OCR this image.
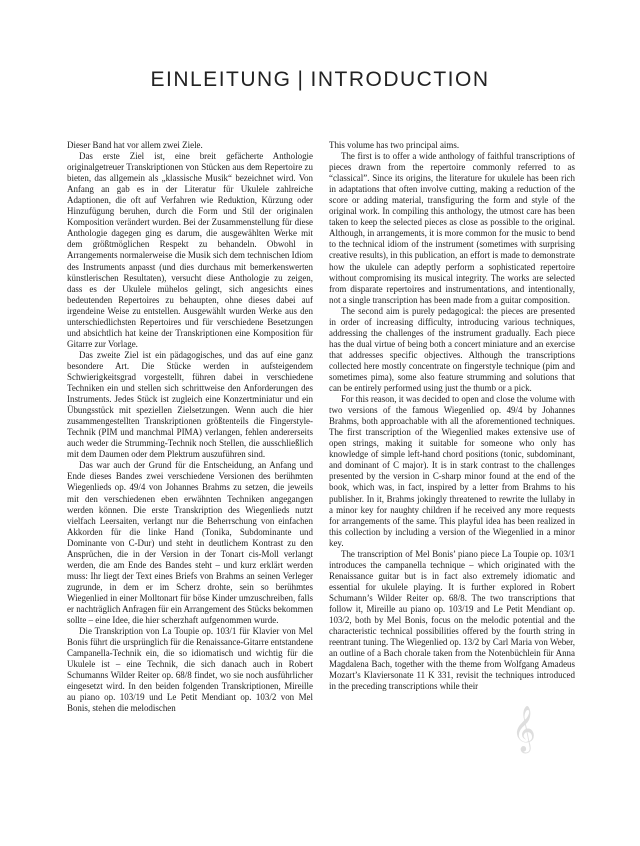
EINLEITUNG | INTRODUCTION

Dieser Band hat vor allem zwei Ziele.

Das erste Ziel ist, eine breit gefächerte Anthologie originalgetreuer Transkriptionen von Stücken aus dem Repertoire zu bieten, das allgemein als „klassische Musik“ bezeichnet wird. Von Anfang an gab es in der Literatur für Ukulele zahlreiche Adaptionen, die oft auf Verfahren wie Reduktion, Kürzung oder Hinzufügung beruhen, durch die Form und Stil der originalen Komposition verändert wurden. Bei der Zusammenstellung für diese Anthologie dagegen ging es darum, die ausgewählten Werke mit dem größtmöglichen Respekt zu behandeln. Obwohl in Arrangements normalerweise die Musik sich dem technischen Idiom des Instruments anpasst (und dies durchaus mit bemerkenswerten künstlerischen Resultaten), versucht diese Anthologie zu zeigen, dass es der Ukulele mühelos gelingt, sich angesichts eines bedeutenden Repertoires zu behaupten, ohne dieses dabei auf irgendeine Weise zu entstellen. Ausgewählt wurden Werke aus den unterschiedlichsten Repertoires und für verschiedene Besetzungen und absichtlich hat keine der Transkriptionen eine Komposition für Gitarre zur Vorlage.

Das zweite Ziel ist ein pädagogisches, und das auf eine ganz besondere Art. Die Stücke werden in aufsteigendem Schwierigkeitsgrad vorgestellt, führen dabei in verschiedene Techniken ein und stellen sich schrittweise den Anforderungen des Instruments. Jedes Stück ist zugleich eine Konzertminiatur und ein Übungsstück mit speziellen Zielsetzungen. Wenn auch die hier zusammengestellten Transkriptionen größtenteils die Fingerstyle-Technik (PIM und manchmal PIMA) verlangen, fehlen andererseits auch weder die Strumming-Technik noch Stellen, die ausschließlich mit dem Daumen oder dem Plektrum auszuführen sind.

Das war auch der Grund für die Entscheidung, an Anfang und Ende dieses Bandes zwei verschiedene Versionen des berühmten Wiegenlieds op. 49/4 von Johannes Brahms zu setzen, die jeweils mit den verschiedenen eben erwähnten Techniken angegangen werden können. Die erste Transkription des Wiegenlieds nutzt vielfach Leersaiten, verlangt nur die Beherrschung von einfachen Akkorden für die linke Hand (Tonika, Subdominante und Dominante von C-Dur) und steht in deutlichem Kontrast zu den Ansprüchen, die in der Version in der Tonart cis-Moll verlangt werden, die am Ende des Bandes steht – und kurz erklärt werden muss: Ihr liegt der Text eines Briefs von Brahms an seinen Verleger zugrunde, in dem er im Scherz drohte, sein so berühmtes Wiegenlied in einer Molltonart für böse Kinder umzuschreiben, falls er nachträglich Anfragen für ein Arrangement des Stücks bekommen sollte – eine Idee, die hier scherzhaft aufgenommen wurde.

Die Transkription von La Toupie op. 103/1 für Klavier von Mel Bonis führt die ursprünglich für die Renaissance-Gitarre entstandene Campanella-Technik ein, die so idiomatisch und wichtig für die Ukulele ist – eine Technik, die sich danach auch in Robert Schumanns Wilder Reiter op. 68/8 findet, wo sie noch ausführlicher eingesetzt wird. In den beiden folgenden Transkriptionen, Mireille au piano op. 103/19 und Le Petit Mendiant op. 103/2 von Mel Bonis, stehen die melodischen

This volume has two principal aims.

The first is to offer a wide anthology of faithful transcriptions of pieces drawn from the repertoire commonly referred to as “classical”. Since its origins, the literature for ukulele has been rich in adaptations that often involve cutting, making a reduction of the score or adding material, transfiguring the form and style of the original work. In compiling this anthology, the utmost care has been taken to keep the selected pieces as close as possible to the original. Although, in arrangements, it is more common for the music to bend to the technical idiom of the instrument (sometimes with surprising creative results), in this publication, an effort is made to demonstrate how the ukulele can adeptly perform a sophisticated repertoire without compromising its musical integrity. The works are selected from disparate repertoires and instrumentations, and intentionally, not a single transcription has been made from a guitar composition.

The second aim is purely pedagogical: the pieces are presented in order of increasing difficulty, introducing various techniques, addressing the challenges of the instrument gradually. Each piece has the dual virtue of being both a concert miniature and an exercise that addresses specific objectives. Although the transcriptions collected here mostly concentrate on fingerstyle technique (pim and sometimes pima), some also feature strumming and solutions that can be entirely performed using just the thumb or a pick.

For this reason, it was decided to open and close the volume with two versions of the famous Wiegenlied op. 49/4 by Johannes Brahms, both approachable with all the aforementioned techniques. The first transcription of the Wiegenlied makes extensive use of open strings, making it suitable for someone who only has knowledge of simple left-hand chord positions (tonic, subdominant, and dominant of C major). It is in stark contrast to the challenges presented by the version in C-sharp minor found at the end of the book, which was, in fact, inspired by a letter from Brahms to his publisher. In it, Brahms jokingly threatened to rewrite the lullaby in a minor key for naughty children if he received any more requests for arrangements of the same. This playful idea has been realized in this collection by including a version of the Wiegenlied in a minor key.

The transcription of Mel Bonis’ piano piece La Toupie op. 103/1 introduces the campanella technique – which originated with the Renaissance guitar but is in fact also extremely idiomatic and essential for ukulele playing. It is further explored in Robert Schumann’s Wilder Reiter op. 68/8. The two transcriptions that follow it, Mireille au piano op. 103/19 and Le Petit Mendiant op. 103/2, both by Mel Bonis, focus on the melodic potential and the characteristic technical possibilities offered by the fourth string in reentrant tuning. The Wiegenlied op. 13/2 by Carl Maria von Weber, an outline of a Bach chorale taken from the Notenbüchlein für Anna Magdalena Bach, together with the theme from Wolfgang Amadeus Mozart’s Klaviersonate 11 K 331, revisit the techniques introduced in the preceding transcriptions while their

𝄞
